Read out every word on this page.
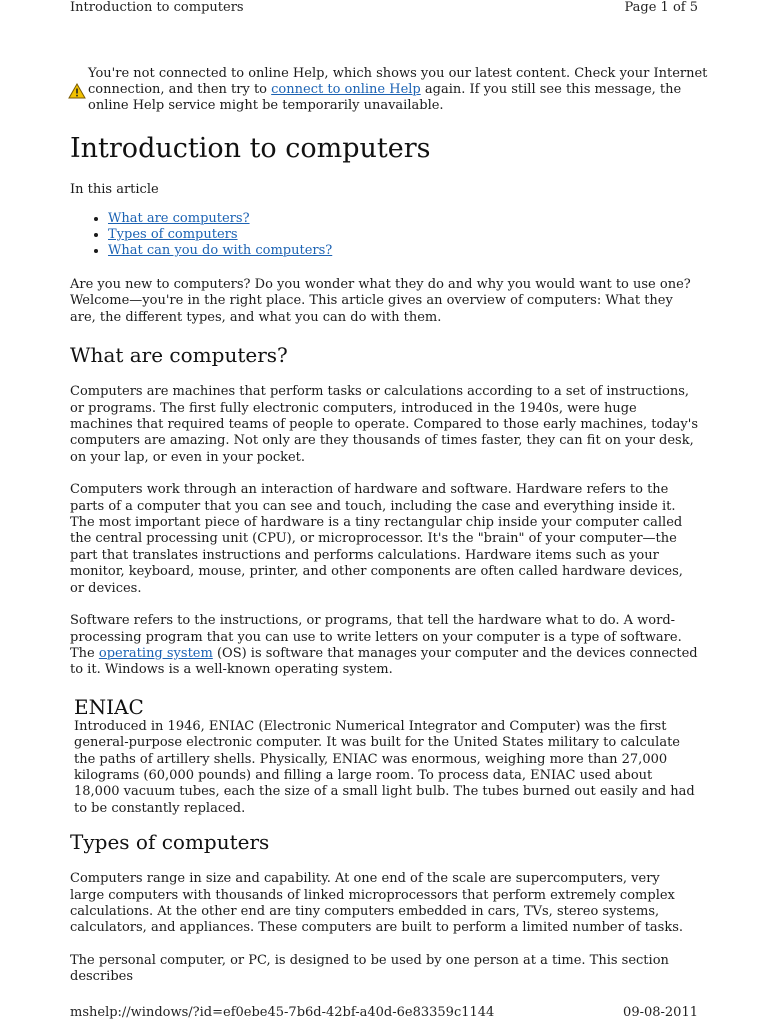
Introduction to computers	Page 1 of 5
You're not connected to online Help, which shows you our latest content. Check your Internet connection, and then try to connect to online Help again. If you still see this message, the online Help service might be temporarily unavailable.
Introduction to computers
In this article
• What are computers?
• Types of computers
• What can you do with computers?

Are you new to computers? Do you wonder what they do and why you would want to use one? Welcome—you're in the right place. This article gives an overview of computers: What they are, the different types, and what you can do with them.

What are computers?

Computers are machines that perform tasks or calculations according to a set of instructions, or programs. The first fully electronic computers, introduced in the 1940s, were huge machines that required teams of people to operate. Compared to those early machines, today's computers are amazing. Not only are they thousands of times faster, they can fit on your desk, on your lap, or even in your pocket.

Computers work through an interaction of hardware and software. Hardware refers to the parts of a computer that you can see and touch, including the case and everything inside it. The most important piece of hardware is a tiny rectangular chip inside your computer called the central processing unit (CPU), or microprocessor. It's the "brain" of your computer—the part that translates instructions and performs calculations. Hardware items such as your monitor, keyboard, mouse, printer, and other components are often called hardware devices, or devices.

Software refers to the instructions, or programs, that tell the hardware what to do. A word-processing program that you can use to write letters on your computer is a type of software. The operating system (OS) is software that manages your computer and the devices connected to it. Windows is a well-known operating system.

ENIAC

Introduced in 1946, ENIAC (Electronic Numerical Integrator and Computer) was the first general-purpose electronic computer. It was built for the United States military to calculate the paths of artillery shells. Physically, ENIAC was enormous, weighing more than 27,000 kilograms (60,000 pounds) and filling a large room. To process data, ENIAC used about 18,000 vacuum tubes, each the size of a small light bulb. The tubes burned out easily and had to be constantly replaced.

Types of computers

Computers range in size and capability. At one end of the scale are supercomputers, very large computers with thousands of linked microprocessors that perform extremely complex calculations. At the other end are tiny computers embedded in cars, TVs, stereo systems, calculators, and appliances. These computers are built to perform a limited number of tasks.

The personal computer, or PC, is designed to be used by one person at a time. This section describes

mshelp://windows/?id=ef0ebe45-7b6d-42bf-a40d-6e83359c1144	09-08-2011
